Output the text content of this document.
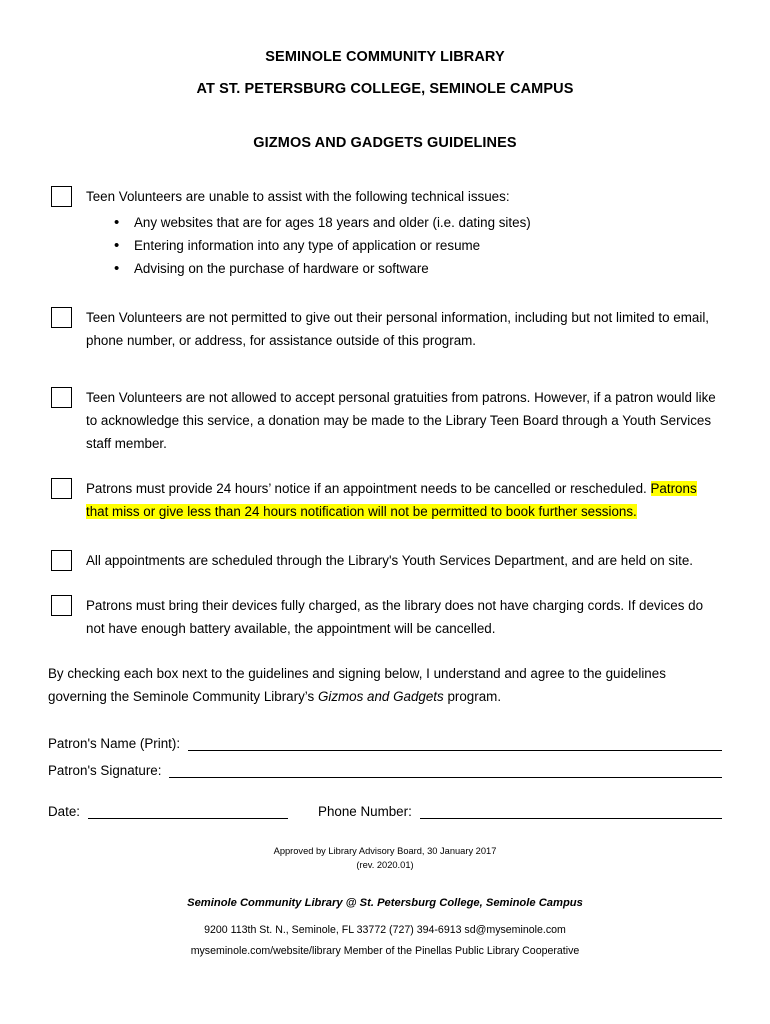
SEMINOLE COMMUNITY LIBRARY
AT ST. PETERSBURG COLLEGE, SEMINOLE CAMPUS
GIZMOS AND GADGETS GUIDELINES
Teen Volunteers are unable to assist with the following technical issues:
• Any websites that are for ages 18 years and older (i.e. dating sites)
• Entering information into any type of application or resume
• Advising on the purchase of hardware or software
Teen Volunteers are not permitted to give out their personal information, including but not limited to email, phone number, or address, for assistance outside of this program.
Teen Volunteers are not allowed to accept personal gratuities from patrons. However, if a patron would like to acknowledge this service, a donation may be made to the Library Teen Board through a Youth Services staff member.
Patrons must provide 24 hours’ notice if an appointment needs to be cancelled or rescheduled. Patrons that miss or give less than 24 hours notification will not be permitted to book further sessions.
All appointments are scheduled through the Library's Youth Services Department, and are held on site.
Patrons must bring their devices fully charged, as the library does not have charging cords. If devices do not have enough battery available, the appointment will be cancelled.
By checking each box next to the guidelines and signing below, I understand and agree to the guidelines governing the Seminole Community Library’s Gizmos and Gadgets program.
Patron's Name (Print):
Patron's Signature:
Date:	Phone Number:
Approved by Library Advisory Board, 30 January 2017
(rev. 2020.01)
Seminole Community Library @ St. Petersburg College, Seminole Campus
9200 113th St. N., Seminole, FL 33772 (727) 394-6913 sd@myseminole.com
myseminole.com/website/library Member of the Pinellas Public Library Cooperative
